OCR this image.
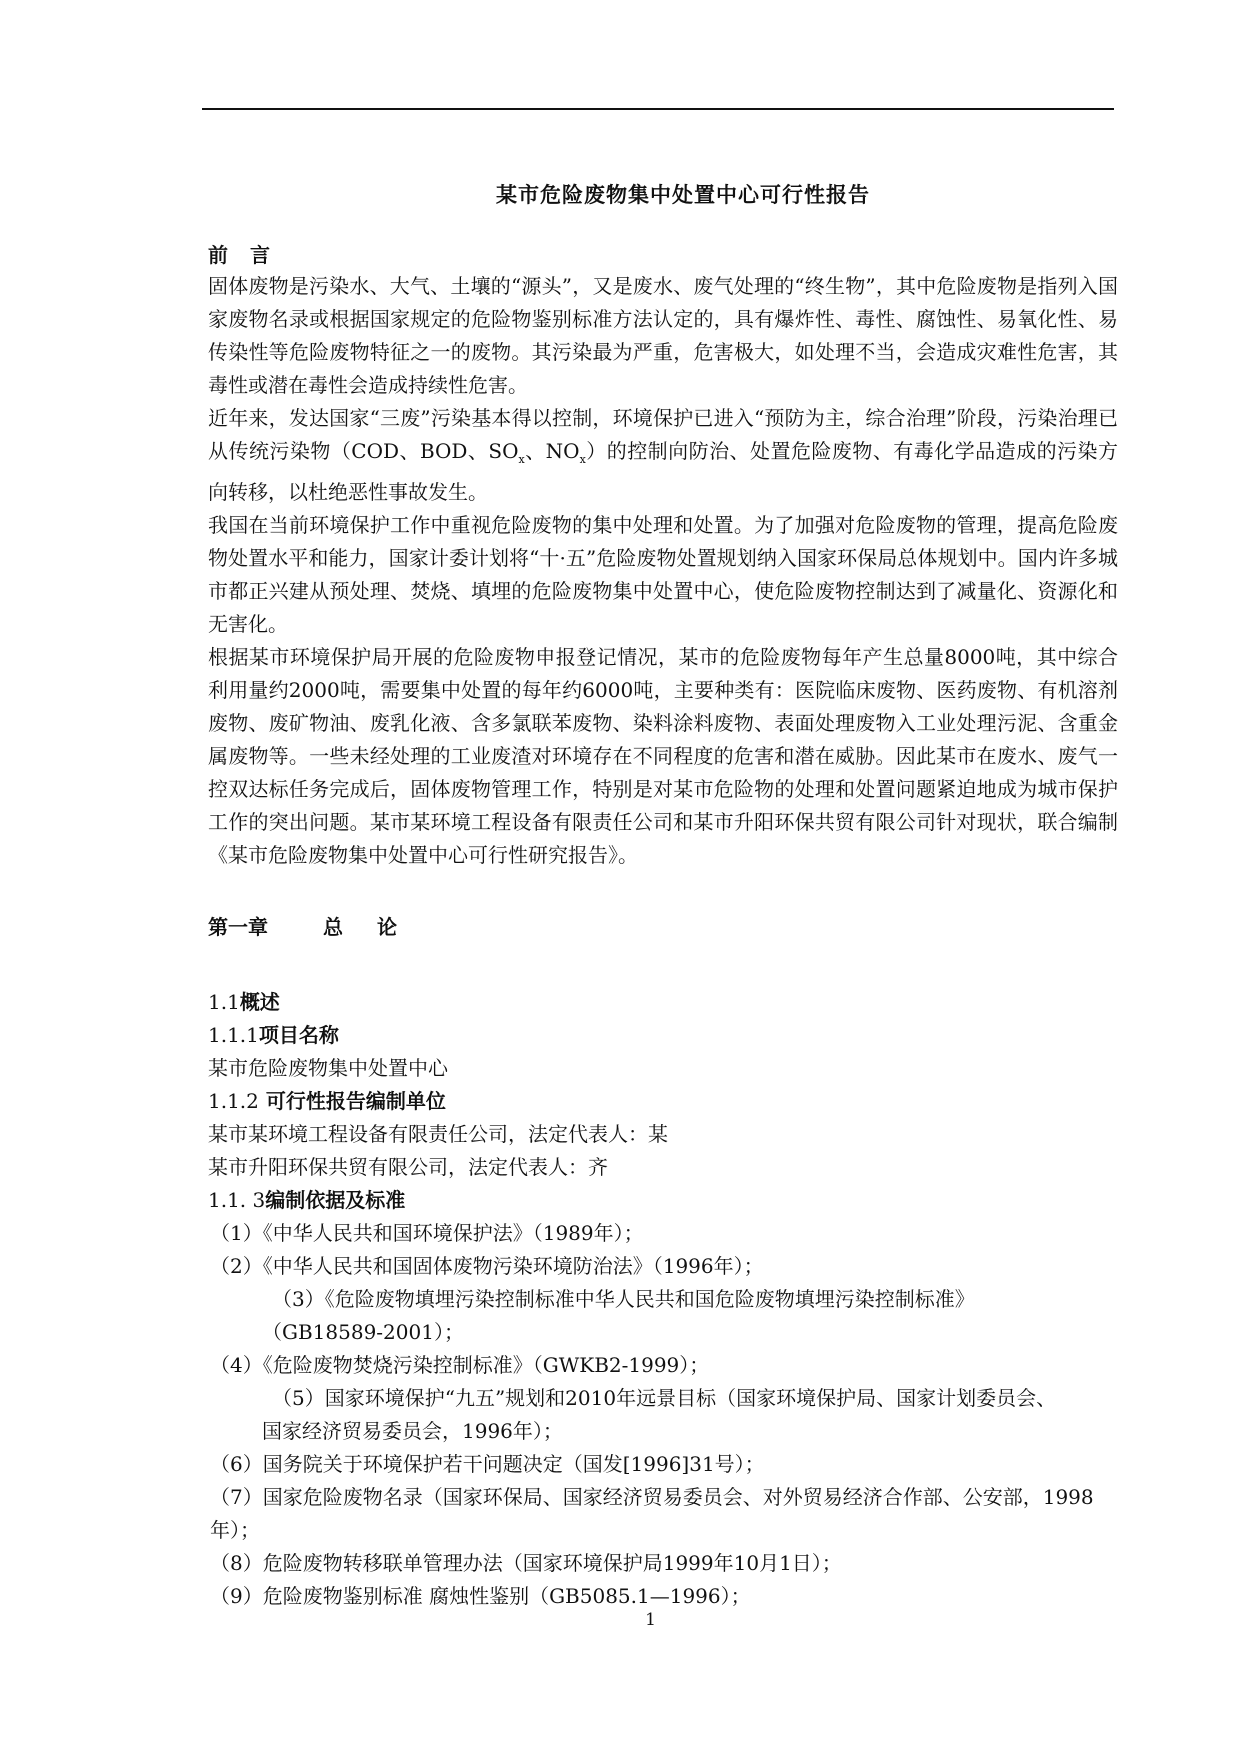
某市危险废物集中处置中心可行性报告

前言

固体废物是污染水、大气、土壤的“源头”，又是废水、废气处理的“终生物”，其中危险废物是指列入国家废物名录或根据国家规定的危险物鉴别标准方法认定的，具有爆炸性、毒性、腐蚀性、易氧化性、易传染性等危险废物特征之一的废物。其污染最为严重，危害极大，如处理不当，会造成灾难性危害，其毒性或潜在毒性会造成持续性危害。

近年来，发达国家“三废”污染基本得以控制，环境保护已进入“预防为主，综合治理”阶段，污染治理已从传统污染物（COD、BOD、$SO_x$、$NO_x$）的控制向防治、处置危险废物、有毒化学品造成的污染方向转移，以杜绝恶性事故发生。

我国在当前环境保护工作中重视危险废物的集中处理和处置。为了加强对危险废物的管理，提高危险废物处置水平和能力，国家计委计划将“十·五”危险废物处置规划纳入国家环保局总体规划中。国内许多城市都正兴建从预处理、焚烧、填埋的危险废物集中处置中心，使危险废物控制达到了减量化、资源化和无害化。

根据某市环境保护局开展的危险废物申报登记情况，某市的危险废物每年产生总量8000吨，其中综合利用量约2000吨，需要集中处置的每年约6000吨，主要种类有：医院临床废物、医药废物、有机溶剂废物、废矿物油、废乳化液、含多氯联苯废物、染料涂料废物、表面处理废物入工业处理污泥、含重金属废物等。一些未经处理的工业废渣对环境存在不同程度的危害和潜在威胁。因此某市在废水、废气一控双达标任务完成后，固体废物管理工作，特别是对某市危险物的处理和处置问题紧迫地成为城市保护工作的突出问题。某市某环境工程设备有限责任公司和某市升阳环保共贸有限公司针对现状，联合编制《某市危险废物集中处置中心可行性研究报告》。

第一章	总论

1.1概述

1.1.1项目名称

某市危险废物集中处置中心

1.1.2 可行性报告编制单位

某市某环境工程设备有限责任公司，法定代表人：某

某市升阳环保共贸有限公司，法定代表人：齐

1.1. 3编制依据及标准

（1）《中华人民共和国环境保护法》（1989年）；

（2）《中华人民共和国固体废物污染环境防治法》（1996年）；

（3）《危险废物填埋污染控制标准中华人民共和国危险废物填埋污染控制标准》
（GB18589-2001）；

（4）《危险废物焚烧污染控制标准》（GWKB2-1999）；

（5）国家环境保护“九五”规划和2010年远景目标（国家环境保护局、国家计划委员会、
国家经济贸易委员会，1996年）；

（6）国务院关于环境保护若干问题决定（国发[1996]31号）；

（7）国家危险废物名录（国家环保局、国家经济贸易委员会、对外贸易经济合作部、公安部，1998年）；

（8）危险废物转移联单管理办法（国家环境保护局1999年10月1日）；

（9）危险废物鉴别标准 腐烛性鉴别（GB5085.1—1996）；

1
